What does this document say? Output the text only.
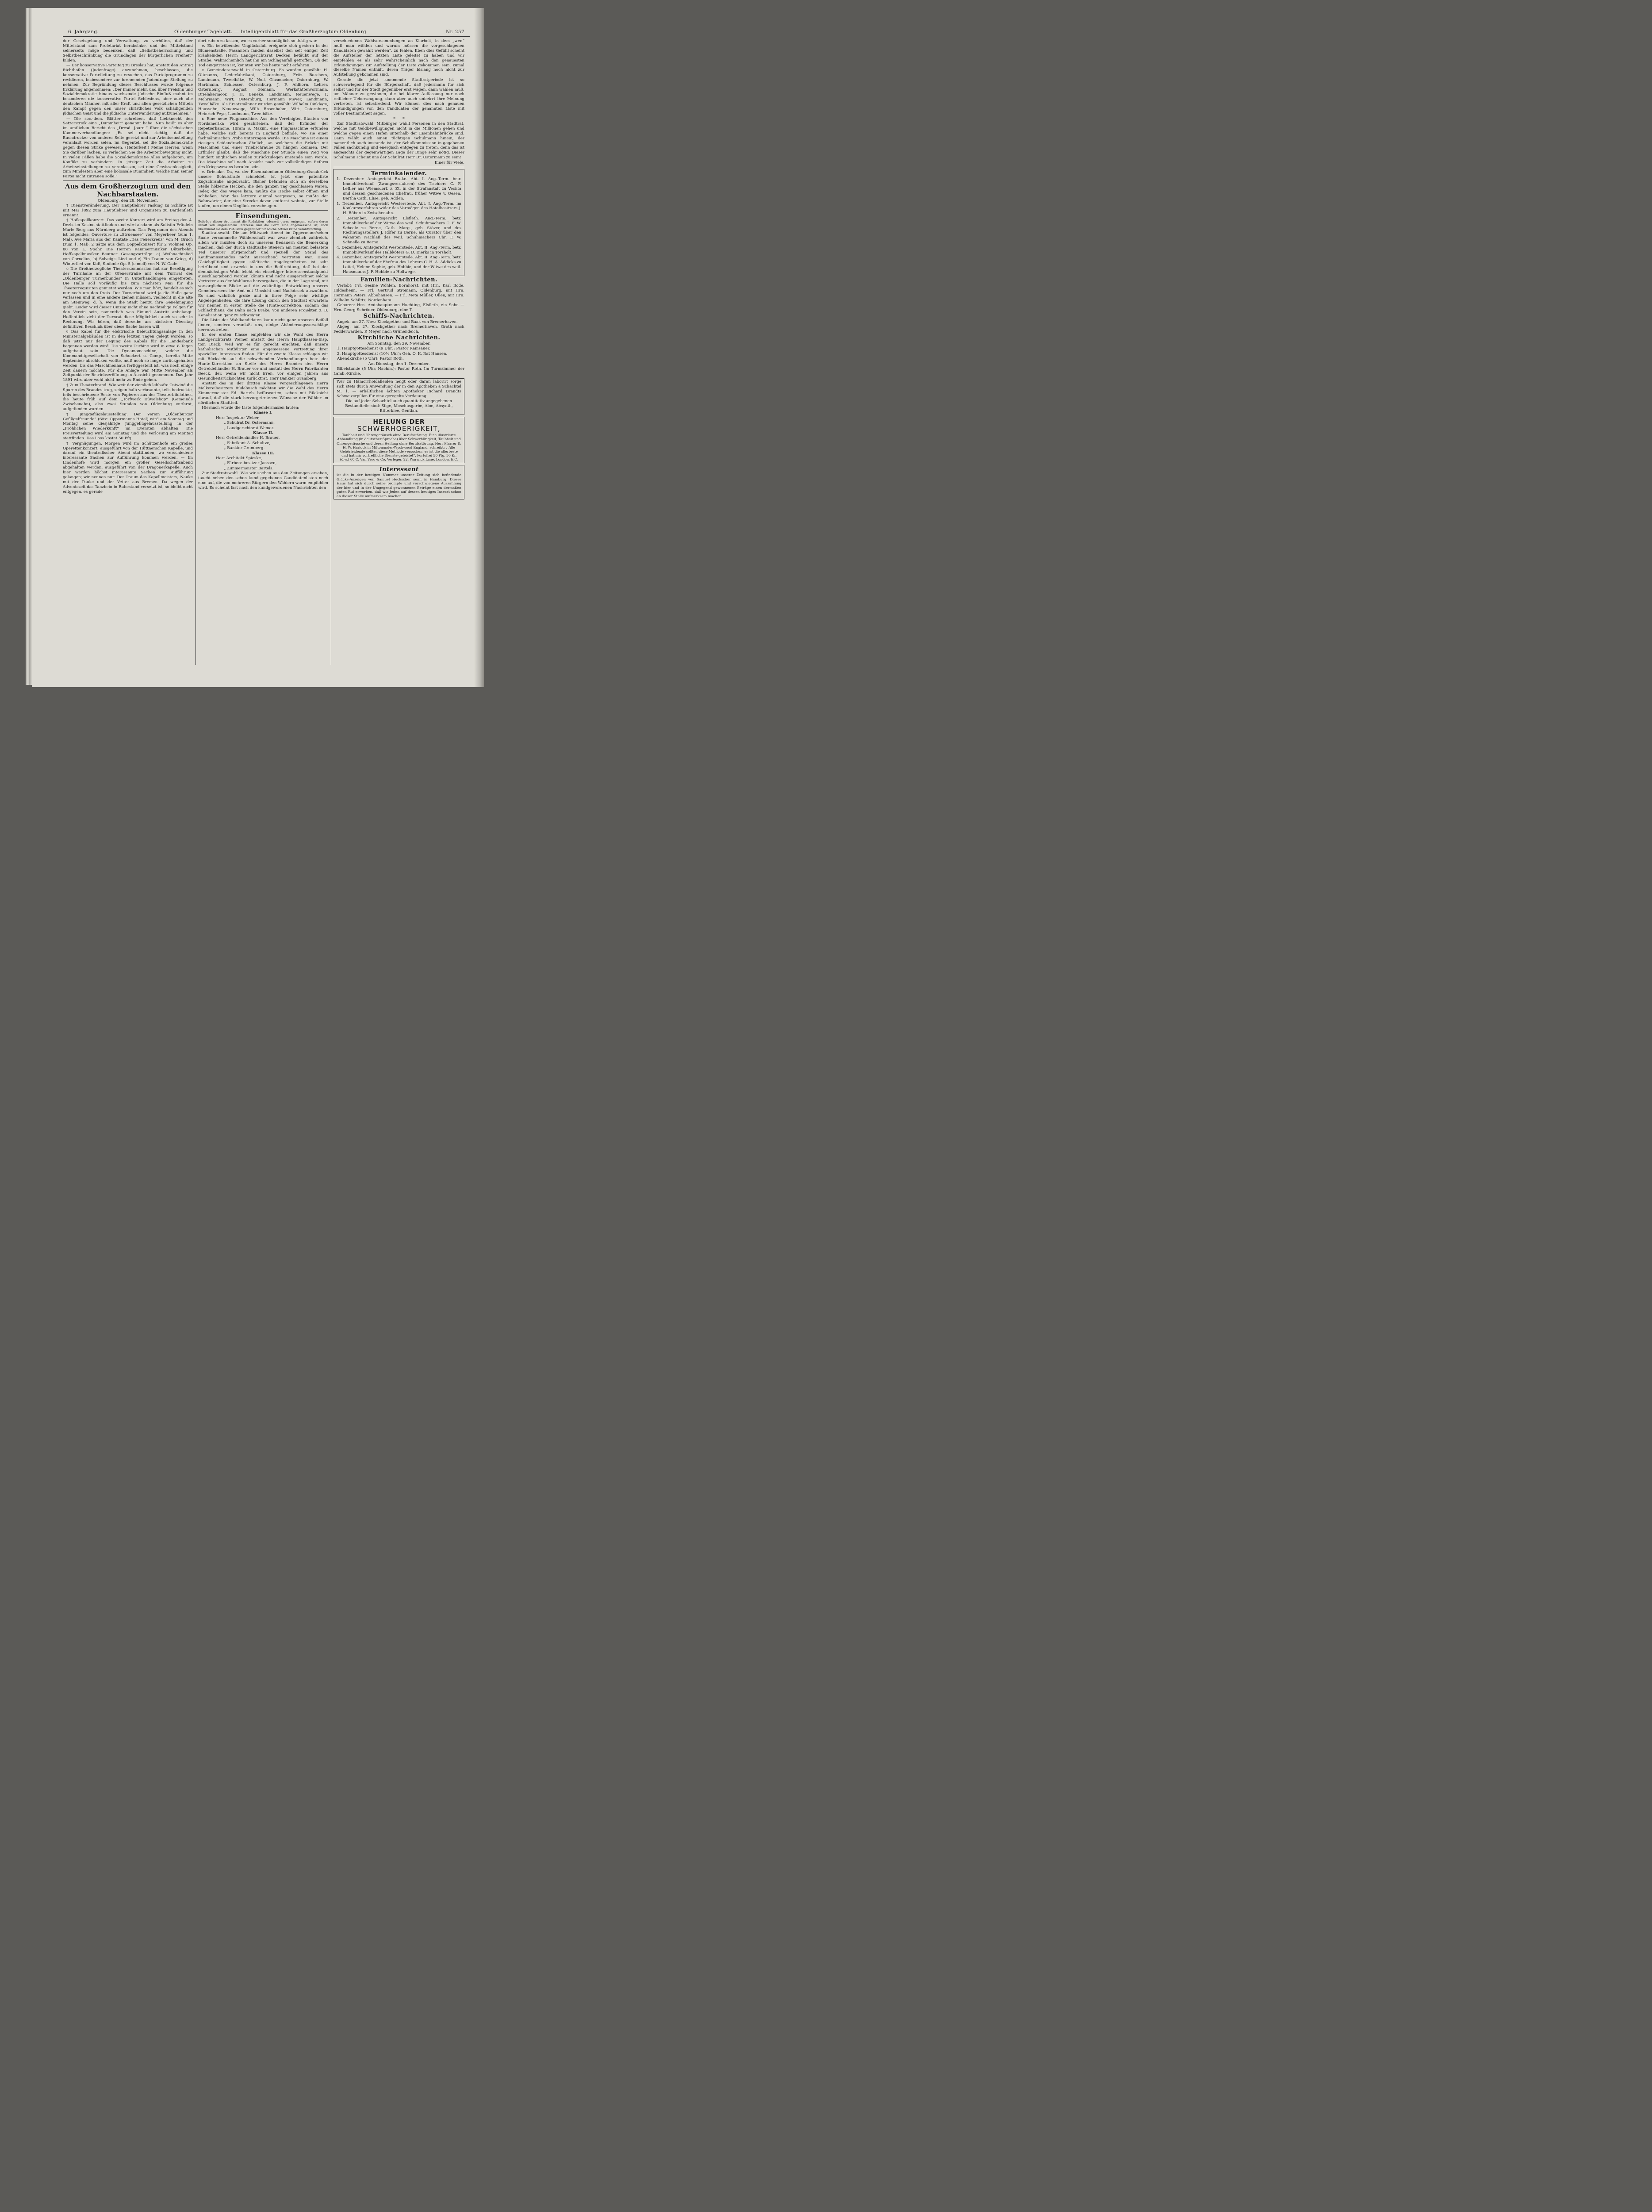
6. Jahrgang.	Oldenburger Tageblatt. — Intelligenzblatt für das Großherzogtum Oldenburg.	Nr. 257

der Gesetzgebung und Verwaltung, zu verhüten, daß der Mittelstand zum Proletariat herabsinke, und der Mittelstand seinerseits möge bedenken, daß „Selbstbeherrschung und Selbstbeschränkung die Grundlagen der bürgerlichen Freiheit“ bilden.

— Der konservative Parteitag zu Breslau hat, anstatt den Antrag Richthofen (Judenfrage) anzunehmen, beschlossen, die konservative Parteileitung zu ersuchen, das Parteiprogramm zu revidieren, insbesondere zur brennenden Judenfrage Stellung zu nehmen. Zur Begründung dieses Beschlusses wurde folgende Erklärung angenommen: „Der immer mehr, und über Freisinn und Sozialdemokratie hinaus wachsende jüdische Einfluß mahnt im besonderen die konservative Partei Schlesiens, aber auch alle deutschen Männer, mit aller Kraft und allen gesetzlichen Mitteln den Kampf gegen den unser christliches Volk schädigenden jüdischen Geist und die jüdische Unterwanderung aufzunehmen.“

— Die soc.-dem. Blätter schreiben, daß Liebknecht den Setzerstreik eine „Dummheit“ genannt habe. Nun heißt es aber im amtlichen Bericht des „Dresd. Journ.“ über die sächsischen Kammerverhandlungen: „Es sei nicht richtig, daß die Buchdrucker von anderer Seite gereizt und zur Arbeitseinstellung veranlaßt worden seien, im Gegenteil sei die Sozialdemokratie gegen diesen Strike gewesen. (Heiterkeit.) Meine Herren, wenn Sie darüber lachen, so verlachen Sie die Arbeiterbewegung nicht. In vielen Fällen habe die Sozialdemokratie Alles aufgeboten, um Konflikt zu verhindern. In jetziger Zeit die Arbeiter zu Arbeitseinstellungen zu veranlassen, sei eine Gewissenlosigkeit, zum Mindesten aber eine kolossale Dummheit, welche man seiner Partei nicht zutrauen solle.“

Aus dem Großherzogtum und den Nachbarstaaten.

Oldenburg, den 28. November.

† Dienstveränderung. Der Hauptlehrer Fasking zu Schlüte ist mit Mai 1892 zum Hauptlehrer und Organisten zu Bardenfleth ernannt.

† Hofkapellkonzert. Das zweite Konzert wird am Freitag den 4. Dezb. im Kasino stattfinden und wird alsdann als Solistin Fräulein Marie Berg aus Nürnberg auftreten. Das Programm des Abends ist folgendes: Ouverture zu „Struensee“ von Meyerbeer (zum 1. Mal). Ave Maria aus der Kantate „Das Feuerkreuz“ von M. Bruch (zum 1. Mal). 2 Sätze aus dem Doppelkonzert für 2 Violinen Op. 88 von L. Spohr. Die Herren Kammermusiker Düterbehn, Hoffkapellmusiker Beutner. Gesangvorträge: a) Weihnachtslied von Cornelius, b) Solveig's Lied und c) Ein Traum von Grieg, d) Winterlied von Koß, Sinfonie Op. 5 (c-moll) von N. W. Gade.

c Die Großherzogliche Theaterkommission hat zur Beseitigung der Turnhalle an der Ofenerstraße mit dem Turnrat des „Oldenburger Turnerbundes“ in Unterhandlungen eingetreten. Die Halle soll vorläufig bis zum nächsten Mai für die Theaterrequisiten gemietet werden. Wie man hört, handelt es sich nur noch um den Preis. Der Turnerbund wird ja die Halle ganz verlassen und in eine andere ziehen müssen, vielleicht in die alte am Steinweg, d. h. wenn die Stadt hierzu ihre Genehmigung giebt. Leider wird dieser Umzug nicht ohne nachteilige Folgen für den Verein sein, namentlich was Einund Austritt anbelangt. Hoffentlich zieht der Turnrat diese Möglichkeit auch so sehr in Rechnung. Wir hören, daß derselbe am nächsten Dienstag definitiven Beschluß über diese Sache fassen will.

§ Das Kabel für die elektrische Beleuchtungsanlage in den Ministerialgebäuden ist in den letzten Tagen gelegt worden, so daß jetzt nur der Legung des Kabels für die Landesbank begonnen werden wird. Die zweite Turbine wird in etwa 8 Tagen aufgebaut sein. Die Dynamomaschine, welche die Kommanditgesellschaft von Schuckert u. Comp., bereits Mitte September abschicken wollte, muß noch so lange zurückgehalten werden, bis das Maschinenhaus fertiggestellt ist, was noch einige Zeit dauern möchte. Für die Anlage war Mitte November als Zeitpunkt der Betriebseröffnung in Aussicht genommen. Das Jahr 1891 wird aber wohl nicht mehr zu Ende gehen.

† Zum Theaterbrand. Wie weit der ziemlich lebhafte Ostwind die Spuren des Brandes trug, zeigen halb verbrannte, teils bedruckte, teils beschriebene Reste von Papieren aus der Theaterbibliothek, die heute früh auf dem „Torfwerk Düwelshop“ (Gemeinde Zwischenahn), also zwei Stunden von Oldenburg entfernt, aufgefunden wurden.

† Junggeflügelausstellung. Der Verein „Oldenburger Geflügelfreunde“ (Sitz: Oppermanns Hotel) wird am Sonntag und Montag seine diesjährige Junggeflügelausstellung in der „Fröhlichen Wiederkunft“ im Eversten abhalten. Die Preisverteilung wird am Sonntag und die Verlosung am Montag stattfinden. Das Loos kostet 50 Pfg.

† Vergnügungen. Morgen wird im Schützenhofe ein großes Operettenkonzert, ausgeführt von der Hüttnerschen Kapelle, und darauf ein theatralischer Abend stattfinden, wo verschiedene interessante Sachen zur Aufführung kommen werden. — Im Lindenhofe wird morgen ein großer Gesellschaftsabend abgehalten werden, ausgeführt von der Dragonerkapelle. Auch hier werden höchst interessante Sachen zur Aufführung gelangen; wir nennen nur: Der Traum des Kapellmeisters; Nauke mit der Pauke und der Vetter aus Bremen. Da wegen der Adventszeit das Tanzbein in Ruhestand versetzt ist, so bleibt nicht entgegen, es gerade

dort ruhen zu lassen, wo es vorher sonntäglich so thätig war.

e. Ein betrübender Unglücksfall ereignete sich gestern in der Blumenstraße. Passanten fanden daselbst den seit einiger Zeit kränkelnden Herrn Landgerichtsrat Decken betäubt auf der Straße. Wahrscheinlich hat ihn ein Schlaganfall getroffen. Ob der Tod eingetreten ist, konnten wir bis heute nicht erfahren.

e Gemeinderatswahl in Osternburg. Es wurden gewählt: H. Oltmanns, Lederfabrikant, Osternburg, Fritz Borchers, Landmann, Tweelbäke, W. Noll, Glasmacher, Osternburg, W. Hartmann, Schlosser, Osternburg, J. F. Ahlhorn, Lehrer, Osternburg, August Gömann, Werkstättenvormann, Drielakermoor, J. H. Beneke, Landmann, Neuenwege, F. Mohrmann, Wirt, Osternburg, Hermann Meyer, Landmann, Tweelbäke. Als Ersatzmänner wurden gewählt: Wilhelm Dinklage, Haussohn, Neuenwege, Wilh. Rosenbohm, Wirt, Osternburg, Heinrich Feye, Landmann, Tweelbäke.

r. Eine neue Flugmaschine. Aus den Vereinigten Staaten von Nordamerika wird geschrieben, daß der Erfinder der Repetierkanone, Hiram S. Maxim, eine Flugmaschine erfunden habe, welche sich bereits in England befinde, wo sie einer fachmännischen Probe unterzogen werde. Die Maschine ist einem riesigen Seidendrachen ähnlich, an welchem die Brücke mit Maschinen und einer Triebschraube zu hängen kommen. Der Erfinder glaubt, daß die Maschine per Stunde einen Weg von hundert englischen Meilen zurückzulegen imstande sein werde. Die Maschine soll nach Ansicht noch zur vollständigen Reform des Kriegswesens berufen sein.

e. Drielake. Da, wo der Eisenbahndamm Oldenburg-Osnabrück unsere Schulstraße schneidet, ist jetzt eine patentirte Zugschranke angebracht. Bisher befanden sich an derselben Stelle hölzerne Hecken, die den ganzen Tag geschlossen waren. Jeder, der des Weges kam, mußte die Hecke selbst öffnen und schließen. War das letztere einmal vergessen, so mußte der Bahnwärter, der eine Strecke davon entfernt wohnte, zur Stelle laufen, um einem Unglück vorzubeugen.

Einsendungen.

Beiträge dieser Art nimmt die Redaktion jederzeit gerne entgegen, sofern deren Inhalt von allgemeinem Interesse und die Form eine angemessene ist, doch übernimmt sie dem Publikum gegenüber für solche Artikel keine Verantwortung.

Stadtratswahl. Die am Mittwoch Abend im Oppermann'schen Saale versammelte Wählerschaft war zwar ziemlich zahlreich, allein wir mußten doch zu unserem Bedauern die Bemerkung machen, daß der durch städtische Steuern am meisten belastete Teil unserer Bürgerschaft und speziell der Stand des Kaufmannsstandes nicht ausreichend vertreten war. Diese Gleichgültigkeit gegen städtische Angelegenheiten ist sehr betrübend und erweckt in uns die Befürchtung, daß bei der demnächstigen Wahl leicht ein einseitiger Interessenstandpunkt ausschlaggebend werden könnte und nicht ausgerechnet solche Vertreter aus der Wahlurne hervorgehen, die in der Lage sind, mit vorsorglichem Blicke auf die zukünftige Entwicklung unseres Gemeinwesens ihr Amt mit Umsicht und Nachdruck auszuüben. Es sind wahrlich große und in ihrer Folge sehr wichtige Angelegenheiten, die ihre Lösung durch den Stadtrat erwarten; wir nennen in erster Stelle die Hunte-Korrektion, sodann das Schlachthaus; die Bahn nach Brake; von anderen Projekten z. B. Kanalisation ganz zu schweigen.

Die Liste der Wahlkandidaten kann nicht ganz unseren Beifall finden, sondern veranlaßt uns, einige Abänderungsvorschläge hervorzutreten.

In der ersten Klasse empfehlen wir die Wahl des Herrn Landgerichtsrats Wemer anstatt des Herrn Hauptkassen-Insp. tom Dieck, weil wir es für gerecht erachten, daß unsere katholischen Mitbürger eine angemessene Vertretung ihrer speziellen Interessen finden. Für die zweite Klasse schlagen wir mit Rücksicht auf die schwebenden Verhandlungen betr. der Hunte-Korrektion an Stelle des Herrn Brandes den Herrn Getreidehändler H. Brauer vor und anstatt des Herrn Fabrikanten Beeck, der, wenn wir nicht irren, vor einigen Jahren aus Gesundheitsrücksichten zurücktrat, Herr Bankier Gramberg.

Anstatt des in der dritten Klasse vorgeschlagenen Herrn Molkereibesitzers Rüdebusch möchten wir die Wahl des Herrn Zimmermeister Ed. Bartels befürworten, schon mit Rücksicht darauf, daß die stark hervorgetretenen Wünsche der Wähler im nördlichen Stadtteil.

Hiernach würde die Liste folgendermaßen lauten:

Klasse I.

Herr Inspektor Weber,

„ Schulrat Dr. Ostermann,

„ Landgerichtsrat Wemer.

Klasse II.

Herr Getreidehändler H. Brauer,

„ Fabrikant A. Schultze,

„ Bankier Gramberg.

Klasse III.

Herr Architekt Spieske,

„ Färbereibesitzer Janssen,

„ Zimmermeister Bartels.

Zur Stadtratswahl. Wie wir soeben aus den Zeitungen ersehen, taucht neben den schon kund gegebenen Candidatenlisten noch eine auf, die von mehreren Bürgern den Wählern warm empfohlen wird. Es scheint fast nach den kundgewordenen Nachrichten den

verschiedenen Wahlversammlungen an Klarheit, in dem „wen“ muß man wählen und warum müssen die vorgeschlagenen Kandidaten gewählt werden“, zu fehlen. Eben dies Gefühl scheint die Aufsteller der letzten Liste geleitet zu haben und wir empfehlen es als sehr wahrscheinlich nach den genauesten Erkundigungen zur Aufstellung der Liste gekommen sein, zumal dieselbe Namen enthält, deren Träger bislang noch nicht zur Aufstellung gekommen sind.

Gerade die jetzt kommende Stadtratperiode ist so schwerwiegend für die Bürgerschaft, daß jedermann für sich selbst und für der Stadt gegenüber erst wägen, dann wählen muß, um Männer zu gewinnen, die bei klarer Auffassung nur nach reiflicher Ueberzeugung, dann aber auch unbeirrt ihre Meinung vertreten, ist selbstredend. Wir können dies nach genauen Erkundigungen von den Candidaten der genannten Liste mit voller Bestimmtheit sagen.

*      *

Zur Stadtratswahl. Mitbürger, wählt Personen in den Stadtrat, welche mit Geldbewilligungen nicht in die Millionen gehen und welche gegen einen Hafen unterhalb der Eisenbahnbrücke sind. Dann wählt auch einen tüchtigen Schulmann hinein, der namentlich auch imstande ist, der Schulkommission in gegebenen Fällen sachkundig und energisch entgegen zu treten, denn das ist angesichts der gegenwärtigen Lage der Dinge sehr nötig. Dieser Schulmann scheint uns der Schulrat Herr Dr. Ostermann zu sein!

Einer für Viele.

Terminkalender.

1. Dezember. Amtsgericht Brake. Abt. I. Ang.-Term. beir. Immobilverkauf (Zwangsverfahren) des Tischlers C. F. Leffler aus Wiemsdorf, z. Zt. in der Strafanstalt zu Vechta und dessen geschiedenen Ehefrau, früher Witwe v. Oesen, Bertha Cath. Elise, geb. Adden.

1. Dezember. Amtsgericht Westerstede. Abt. I. Ang.-Term. im Konkursverfahren wider das Vermögen des Hotelbesitzers J. H. Röben in Zwischenahn.

2. Dezember. Amtsgericht Elsfleth. Ang.-Term. betr. Immobilverkauf der Witwe des weil. Schuhmachers C. F. W. Scheele zu Berne, Cath. Marg., geb. Stöver, und des Rechnungsstellers J. Röfer zu Berne, als Curator über den vakanten Nachlaß des weil. Schuhmachers Chr. F. W. Schnelle zu Berne.

4. Dezember. Amtsgericht Westerstede. Abt. II. Ang.-Term. betr. Immobilverkauf des Halbköters G. D. Dierks in Torsholt.

4. Dezember. Amtsgericht Westerstede. Abt. II. Ang.-Term. betr. Immobilverkauf der Ehefrau des Lehrers C. H. A. Addicks zu Leitel, Helene Sophie, geb. Hobbie, und der Witwe des weil. Hausmanns J. F. Hobbie zu Hollwege.

Familien-Nachrichten.

Verlobt: Frl. Gesine Wöhlen, Bornhorst, mit Hrn. Karl Bode, Hildesheim. — Frl. Gertrud Stromann, Oldenburg, mit Hrn. Hermann Peters, Abbehausen. — Frl. Meta Müller, Ollen, mit Hrn. Wilhelm Schüttz, Nordenham.

Geboren: Hrn. Amtshauptmann Huchting, Elsfleth, ein Sohn — Hrn. Georg Schröder, Oldenburg, eine T.

Schiffs-Nachrichten.

Angek. am 27. Nov.: Klockgether und Baak von Bremerhaven.

Abgeg. am 27. Klockgether nach Bremerhaven, Groth nach Fedderwarden, P. Meyer nach Grünendeich.

Kirchliche Nachrichten.

Am Sonntag, den 29. November.

1. Hauptgottesdienst (9 Uhr): Pastor Ramsauer.

2. Hauptgottesdienst (10½ Uhr): Geh. O. K. Rat Hansen.

Abendkirche (5 Uhr): Pastor Roth.

Am Dienstag, den 1. Dezember.

Bibelstunde (5 Uhr, Nachm.): Pastor Roth. Im Turmzimmer der Lamb.-Kirche.

Wer zu Hämorrhoidalleiden neigt oder daran laborirt sorge sich stets durch Anwendung der in den Apotheken à Schachtel M. 1. — erhältlichen ächten Apotheker Richard Brandts Schweizerpillen für eine geregelte Verdauung.

Die auf jeder Schachtel auch quantitativ angegebenen Bestandteile sind: Silge, Moschusgarbe, Aloe, Absynth, Bitterklee, Gentian.

HEILUNG DER
SCHWERHOERIGKEIT,
Taubheit und Ohrengeräusch ohne Berufsstörung. Eine illustrierte Abhandlung (in deutscher Sprache) über Schwerhörigkeit, Taubheit und Ohrengeräusche und deren Heilung ohne Berufsstörung. Herr Pfarrer D. H. W. Harlock in Miltonunder-Wychwood England, schreibt: „ Alle Gehörleidende sollten diese Methode versuchen, es ist die allerbeste und hat mir vortreffliche Dienste geleistet“. Portofrei 50 Pfg. 30 Kr. (ö.w.) 60 C. Van Vero & Co, Verleger, 22, Warwick Lane, London, E.C.
Interessant

ist die in der heutigen Nummer unserer Zeitung sich befindende Glücks-Anzeigen von Samuel Heckscher senr. in Hamburg. Dieses Haus hat sich durch seine prompte und verschwiegene Auszahlung der hier und in der Umgegend gewonnenen Beträge einen dermaßen guten Ruf erworben, daß wir Jeden auf dessen heutiges Inserat schon an dieser Stelle aufmerksam machen.
